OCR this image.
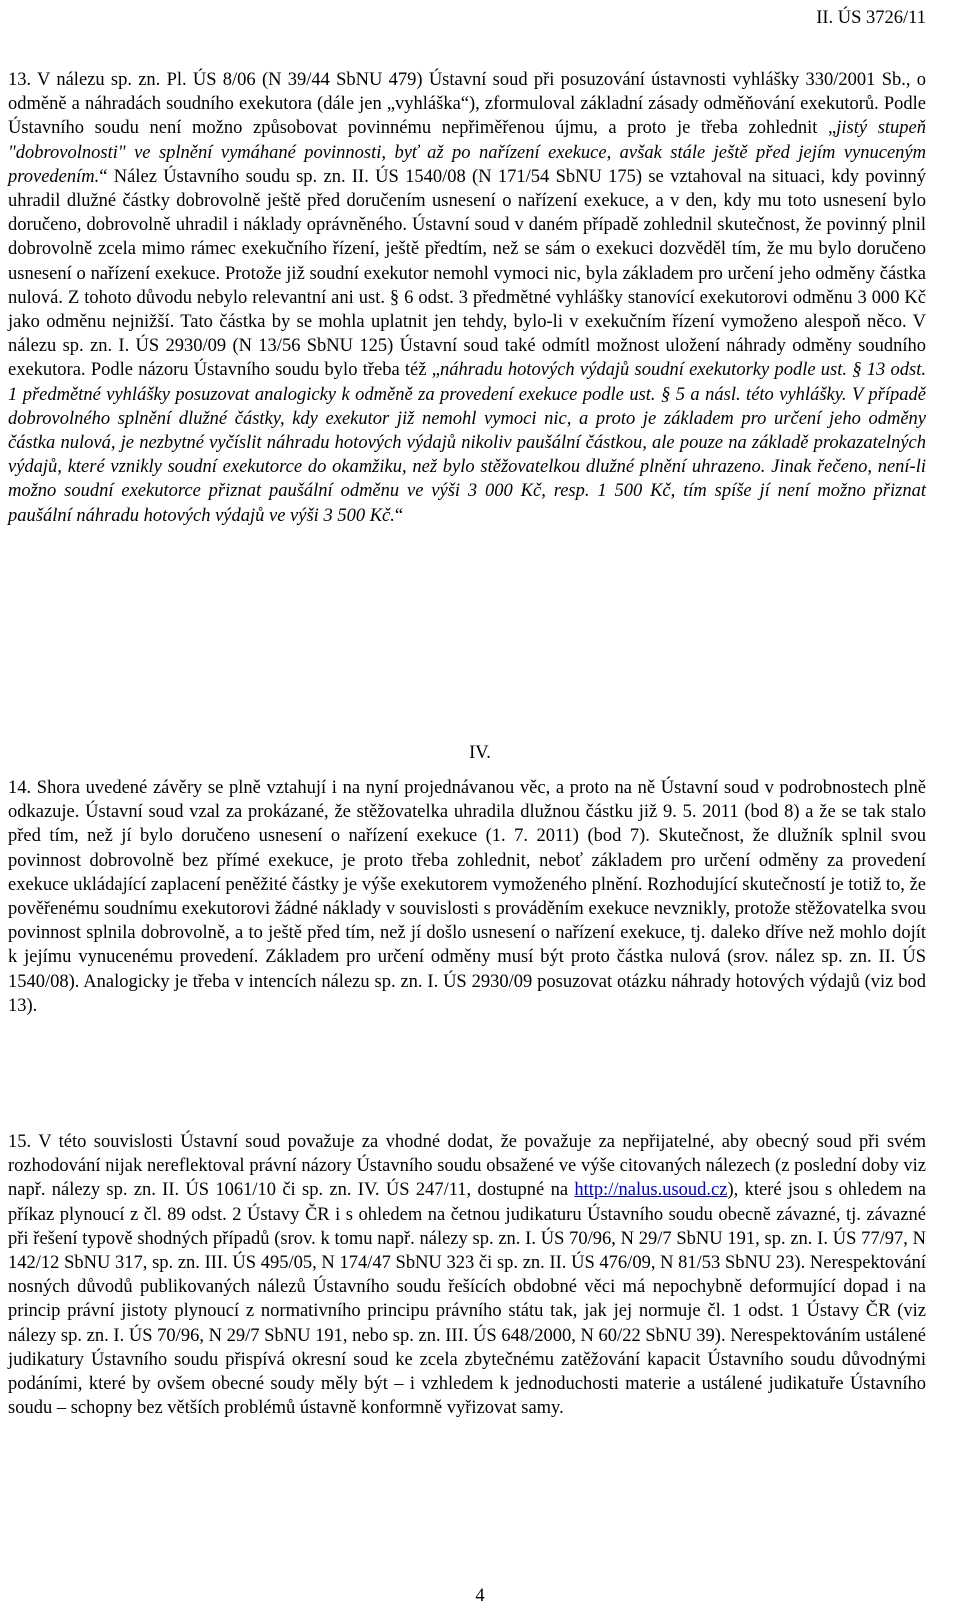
II. ÚS 3726/11

13. V nálezu sp. zn. Pl. ÚS 8/06 (N 39/44 SbNU 479) Ústavní soud při posuzování ústavnosti vyhlášky 330/2001 Sb., o odměně a náhradách soudního exekutora (dále jen „vyhláška“), zformuloval základní zásady odměňování exekutorů. Podle Ústavního soudu není možno způsobovat povinnému nepřiměřenou újmu, a proto je třeba zohlednit „jistý stupeň "dobrovolnosti" ve splnění vymáhané povinnosti, byť až po nařízení exekuce, avšak stále ještě před jejím vynuceným provedením.“ Nález Ústavního soudu sp. zn. II. ÚS 1540/08 (N 171/54 SbNU 175) se vztahoval na situaci, kdy povinný uhradil dlužné částky dobrovolně ještě před doručením usnesení o nařízení exekuce, a v den, kdy mu toto usnesení bylo doručeno, dobrovolně uhradil i náklady oprávněného. Ústavní soud v daném případě zohlednil skutečnost, že povinný plnil dobrovolně zcela mimo rámec exekučního řízení, ještě předtím, než se sám o exekuci dozvěděl tím, že mu bylo doručeno usnesení o nařízení exekuce. Protože již soudní exekutor nemohl vymoci nic, byla základem pro určení jeho odměny částka nulová. Z tohoto důvodu nebylo relevantní ani ust. § 6 odst. 3 předmětné vyhlášky stanovící exekutorovi odměnu 3 000 Kč jako odměnu nejnižší. Tato částka by se mohla uplatnit jen tehdy, bylo-li v exekučním řízení vymoženo alespoň něco. V nálezu sp. zn. I. ÚS 2930/09 (N 13/56 SbNU 125) Ústavní soud také odmítl možnost uložení náhrady odměny soudního exekutora. Podle názoru Ústavního soudu bylo třeba též „náhradu hotových výdajů soudní exekutorky podle ust. § 13 odst. 1 předmětné vyhlášky posuzovat analogicky k odměně za provedení exekuce podle ust. § 5 a násl. této vyhlášky. V případě dobrovolného splnění dlužné částky, kdy exekutor již nemohl vymoci nic, a proto je základem pro určení jeho odměny částka nulová, je nezbytné vyčíslit náhradu hotových výdajů nikoliv paušální částkou, ale pouze na základě prokazatelných výdajů, které vznikly soudní exekutorce do okamžiku, než bylo stěžovatelkou dlužné plnění uhrazeno. Jinak řečeno, není-li možno soudní exekutorce přiznat paušální odměnu ve výši 3 000 Kč, resp. 1 500 Kč, tím spíše jí není možno přiznat paušální náhradu hotových výdajů ve výši 3 500 Kč.“

IV.

14. Shora uvedené závěry se plně vztahují i na nyní projednávanou věc, a proto na ně Ústavní soud v podrobnostech plně odkazuje. Ústavní soud vzal za prokázané, že stěžovatelka uhradila dlužnou částku již 9. 5. 2011 (bod 8) a že se tak stalo před tím, než jí bylo doručeno usnesení o nařízení exekuce (1. 7. 2011) (bod 7). Skutečnost, že dlužník splnil svou povinnost dobrovolně bez přímé exekuce, je proto třeba zohlednit, neboť základem pro určení odměny za provedení exekuce ukládající zaplacení peněžité částky je výše exekutorem vymoženého plnění. Rozhodující skutečností je totiž to, že pověřenému soudnímu exekutorovi žádné náklady v souvislosti s prováděním exekuce nevznikly, protože stěžovatelka svou povinnost splnila dobrovolně, a to ještě před tím, než jí došlo usnesení o nařízení exekuce, tj. daleko dříve než mohlo dojít k jejímu vynucenému provedení. Základem pro určení odměny musí být proto částka nulová (srov. nález sp. zn. II. ÚS 1540/08). Analogicky je třeba v intencích nálezu sp. zn. I. ÚS 2930/09 posuzovat otázku náhrady hotových výdajů (viz bod 13).

15. V této souvislosti Ústavní soud považuje za vhodné dodat, že považuje za nepřijatelné, aby obecný soud při svém rozhodování nijak nereflektoval právní názory Ústavního soudu obsažené ve výše citovaných nálezech (z poslední doby viz např. nálezy sp. zn. II. ÚS 1061/10 či sp. zn. IV. ÚS 247/11, dostupné na http://nalus.usoud.cz), které jsou s ohledem na příkaz plynoucí z čl. 89 odst. 2 Ústavy ČR i s ohledem na četnou judikaturu Ústavního soudu obecně závazné, tj. závazné při řešení typově shodných případů (srov. k tomu např. nálezy sp. zn. I. ÚS 70/96, N 29/7 SbNU 191, sp. zn. I. ÚS 77/97, N 142/12 SbNU 317, sp. zn. III. ÚS 495/05, N 174/47 SbNU 323 či sp. zn. II. ÚS 476/09, N 81/53 SbNU 23). Nerespektování nosných důvodů publikovaných nálezů Ústavního soudu řešících obdobné věci má nepochybně deformující dopad i na princip právní jistoty plynoucí z normativního principu právního státu tak, jak jej normuje čl. 1 odst. 1 Ústavy ČR (viz nálezy sp. zn. I. ÚS 70/96, N 29/7 SbNU 191, nebo sp. zn. III. ÚS 648/2000, N 60/22 SbNU 39). Nerespektováním ustálené judikatury Ústavního soudu přispívá okresní soud ke zcela zbytečnému zatěžování kapacit Ústavního soudu důvodnými podáními, které by ovšem obecné soudy měly být – i vzhledem k jednoduchosti materie a ustálené judikatuře Ústavního soudu – schopny bez větších problémů ústavně konformně vyřizovat samy.

4
